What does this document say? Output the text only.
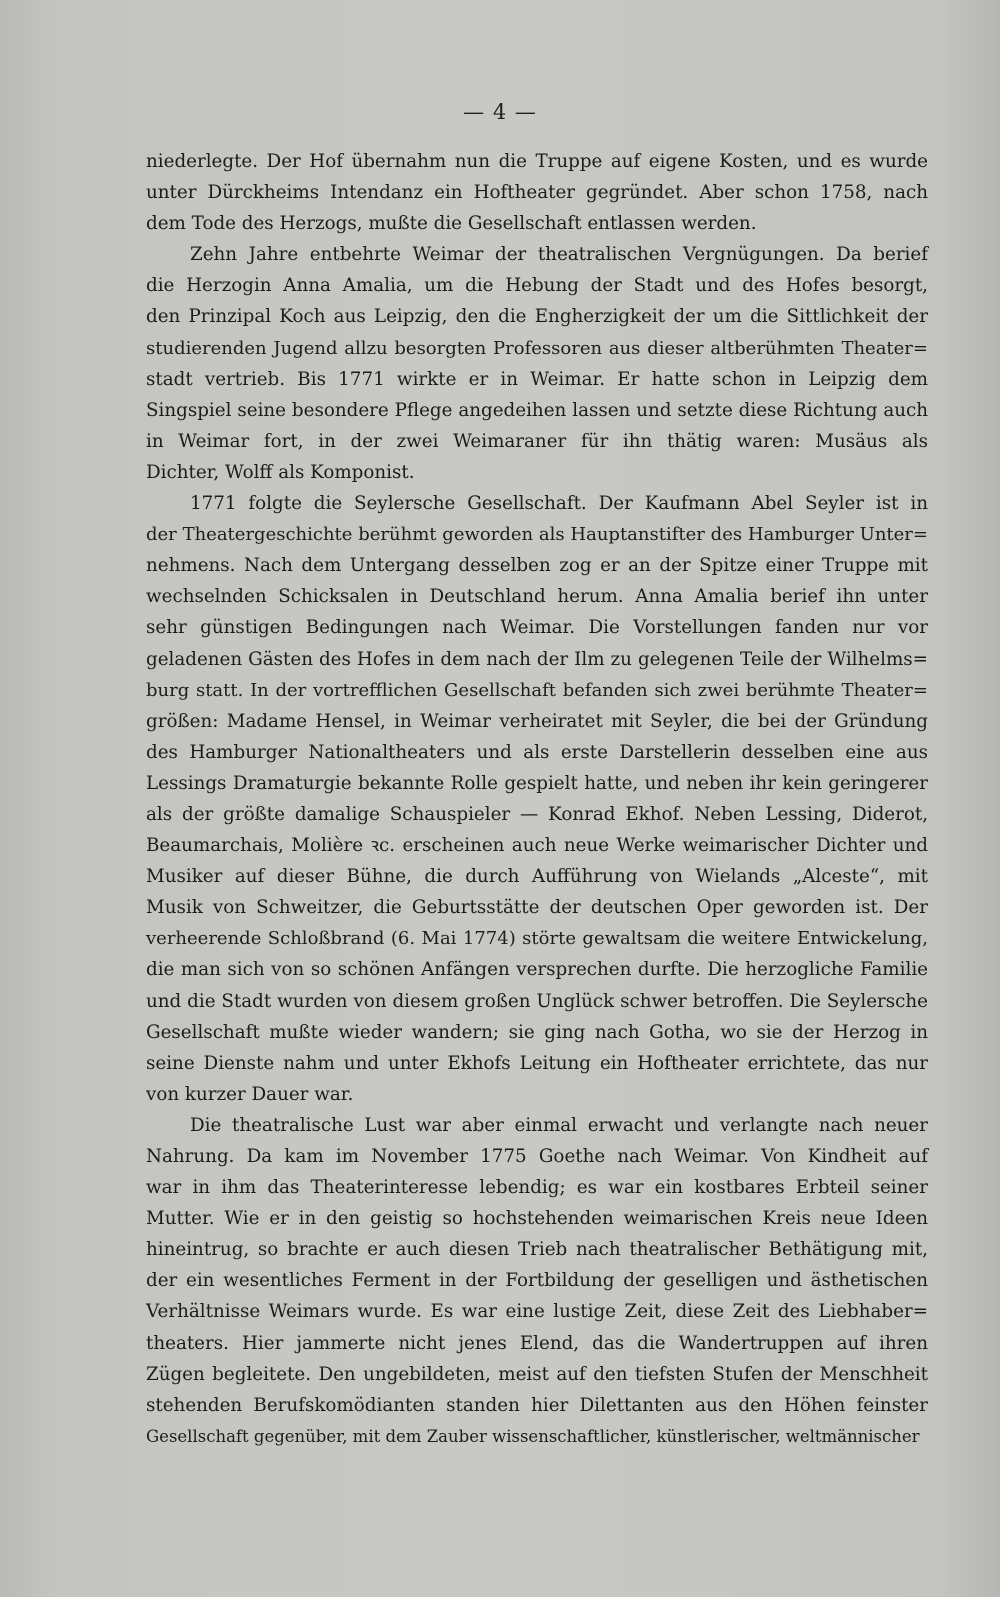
— 4 —
niederlegte. Der Hof übernahm nun die Truppe auf eigene Kosten, und es wurde
unter Dürckheims Intendanz ein Hoftheater gegründet. Aber schon 1758, nach
dem Tode des Herzogs, mußte die Gesellschaft entlassen werden.
Zehn Jahre entbehrte Weimar der theatralischen Vergnügungen. Da berief
die Herzogin Anna Amalia, um die Hebung der Stadt und des Hofes besorgt,
den Prinzipal Koch aus Leipzig, den die Engherzigkeit der um die Sittlichkeit der
studierenden Jugend allzu besorgten Professoren aus dieser altberühmten Theater=
stadt vertrieb. Bis 1771 wirkte er in Weimar. Er hatte schon in Leipzig dem
Singspiel seine besondere Pflege angedeihen lassen und setzte diese Richtung auch
in Weimar fort, in der zwei Weimaraner für ihn thätig waren: Musäus als
Dichter, Wolff als Komponist.
1771 folgte die Seylersche Gesellschaft. Der Kaufmann Abel Seyler ist in
der Theatergeschichte berühmt geworden als Hauptanstifter des Hamburger Unter=
nehmens. Nach dem Untergang desselben zog er an der Spitze einer Truppe mit
wechselnden Schicksalen in Deutschland herum. Anna Amalia berief ihn unter
sehr günstigen Bedingungen nach Weimar. Die Vorstellungen fanden nur vor
geladenen Gästen des Hofes in dem nach der Ilm zu gelegenen Teile der Wilhelms=
burg statt. In der vortrefflichen Gesellschaft befanden sich zwei berühmte Theater=
größen: Madame Hensel, in Weimar verheiratet mit Seyler, die bei der Gründung
des Hamburger Nationaltheaters und als erste Darstellerin desselben eine aus
Lessings Dramaturgie bekannte Rolle gespielt hatte, und neben ihr kein geringerer
als der größte damalige Schauspieler — Konrad Ekhof. Neben Lessing, Diderot,
Beaumarchais, Molière ꝛc. erscheinen auch neue Werke weimarischer Dichter und
Musiker auf dieser Bühne, die durch Aufführung von Wielands „Alceste“, mit
Musik von Schweitzer, die Geburtsstätte der deutschen Oper geworden ist. Der
verheerende Schloßbrand (6. Mai 1774) störte gewaltsam die weitere Entwickelung,
die man sich von so schönen Anfängen versprechen durfte. Die herzogliche Familie
und die Stadt wurden von diesem großen Unglück schwer betroffen. Die Seylersche
Gesellschaft mußte wieder wandern; sie ging nach Gotha, wo sie der Herzog in
seine Dienste nahm und unter Ekhofs Leitung ein Hoftheater errichtete, das nur
von kurzer Dauer war.
Die theatralische Lust war aber einmal erwacht und verlangte nach neuer
Nahrung. Da kam im November 1775 Goethe nach Weimar. Von Kindheit auf
war in ihm das Theaterinteresse lebendig; es war ein kostbares Erbteil seiner
Mutter. Wie er in den geistig so hochstehenden weimarischen Kreis neue Ideen
hineintrug, so brachte er auch diesen Trieb nach theatralischer Bethätigung mit,
der ein wesentliches Ferment in der Fortbildung der geselligen und ästhetischen
Verhältnisse Weimars wurde. Es war eine lustige Zeit, diese Zeit des Liebhaber=
theaters. Hier jammerte nicht jenes Elend, das die Wandertruppen auf ihren
Zügen begleitete. Den ungebildeten, meist auf den tiefsten Stufen der Menschheit
stehenden Berufskomödianten standen hier Dilettanten aus den Höhen feinster
Gesellschaft gegenüber, mit dem Zauber wissenschaftlicher, künstlerischer, weltmännischer
